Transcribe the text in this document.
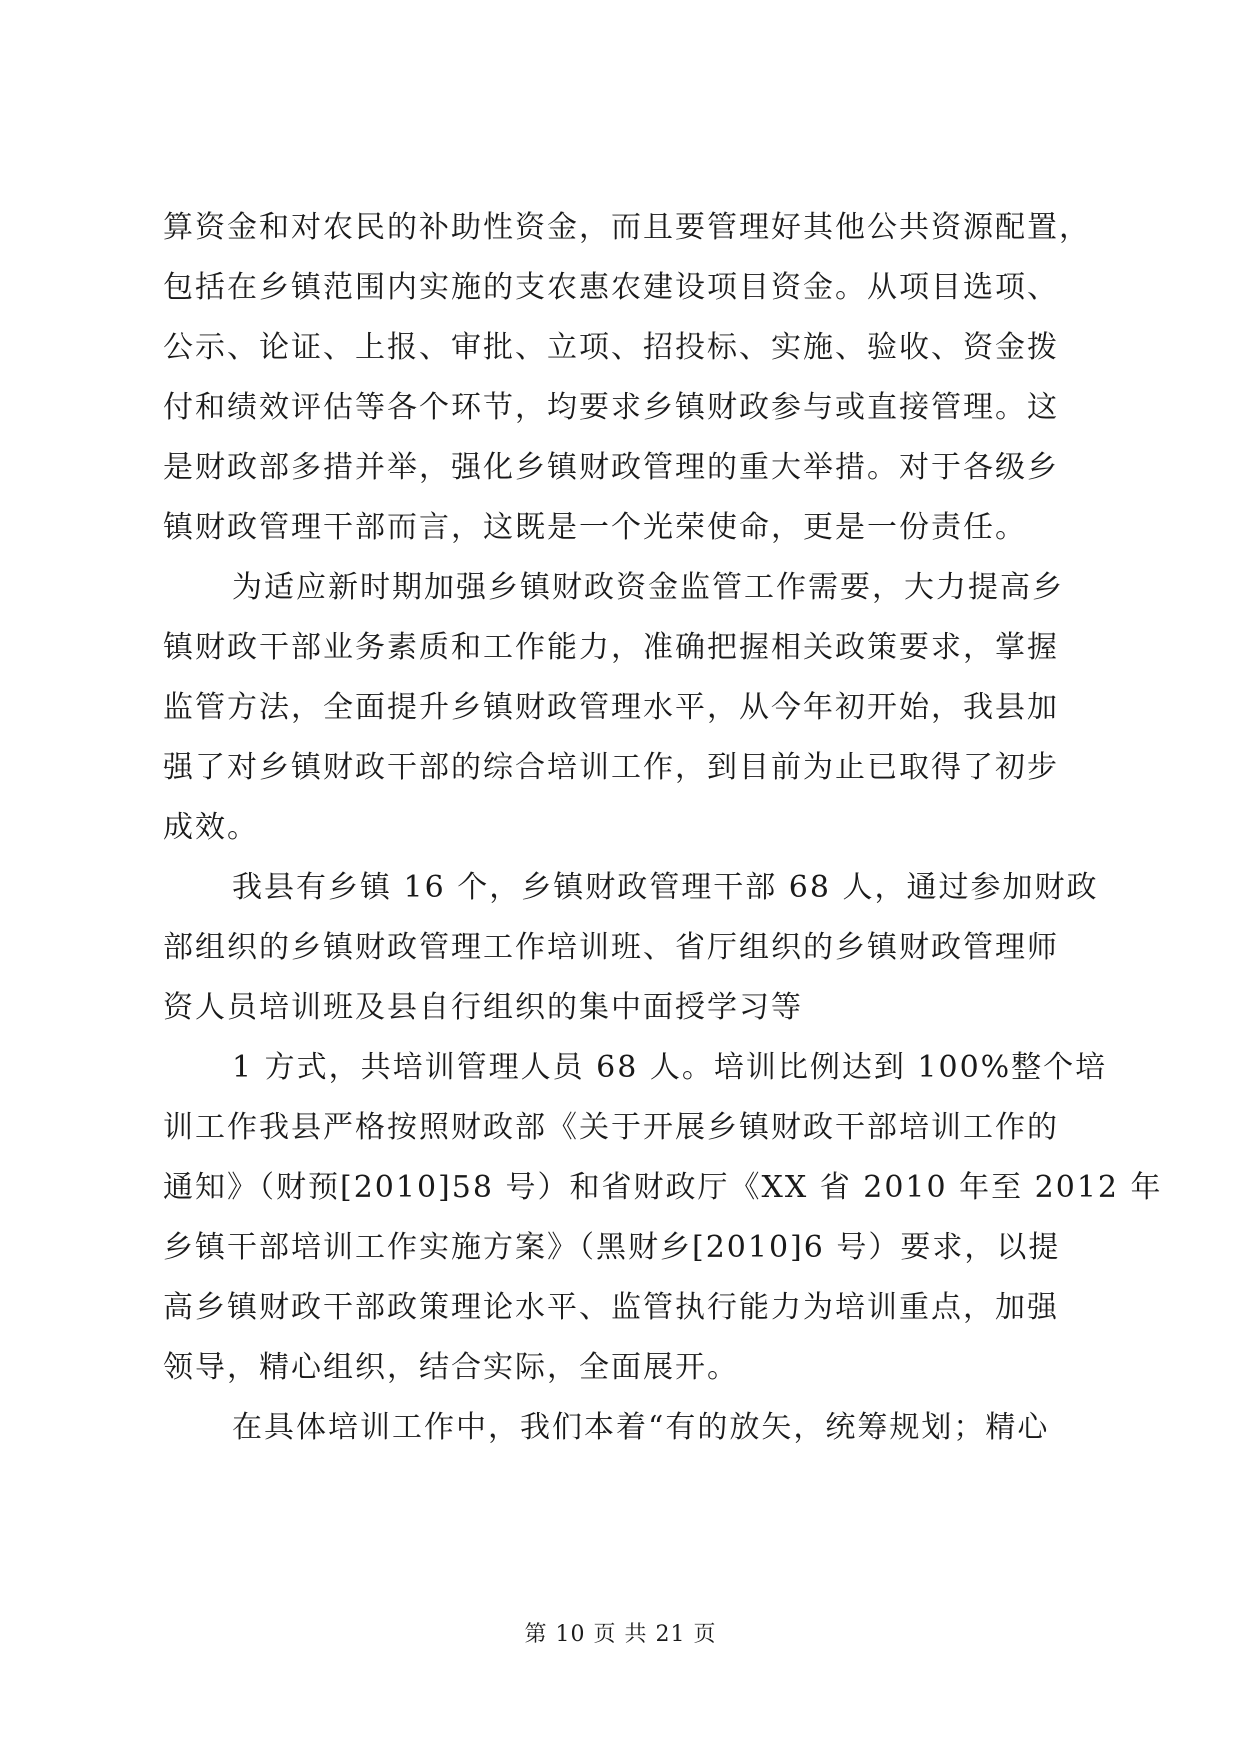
算资金和对农民的补助性资金，而且要管理好其他公共资源配置，
包括在乡镇范围内实施的支农惠农建设项目资金。从项目选项、
公示、论证、上报、审批、立项、招投标、实施、验收、资金拨
付和绩效评估等各个环节，均要求乡镇财政参与或直接管理。这
是财政部多措并举，强化乡镇财政管理的重大举措。对于各级乡
镇财政管理干部而言，这既是一个光荣使命，更是一份责任。
为适应新时期加强乡镇财政资金监管工作需要，大力提高乡
镇财政干部业务素质和工作能力，准确把握相关政策要求，掌握
监管方法，全面提升乡镇财政管理水平，从今年初开始，我县加
强了对乡镇财政干部的综合培训工作，到目前为止已取得了初步
成效。
我县有乡镇 16 个，乡镇财政管理干部 68 人，通过参加财政
部组织的乡镇财政管理工作培训班、省厅组织的乡镇财政管理师
资人员培训班及县自行组织的集中面授学习等
1 方式，共培训管理人员 68 人。培训比例达到 100%整个培
训工作我县严格按照财政部《关于开展乡镇财政干部培训工作的
通知》（财预[2010]58 号）和省财政厅《XX 省 2010 年至 2012 年
乡镇干部培训工作实施方案》（黑财乡[2010]6 号）要求，以提
高乡镇财政干部政策理论水平、监管执行能力为培训重点，加强
领导，精心组织，结合实际，全面展开。
在具体培训工作中，我们本着“有的放矢，统筹规划；精心
第 10 页 共 21 页
